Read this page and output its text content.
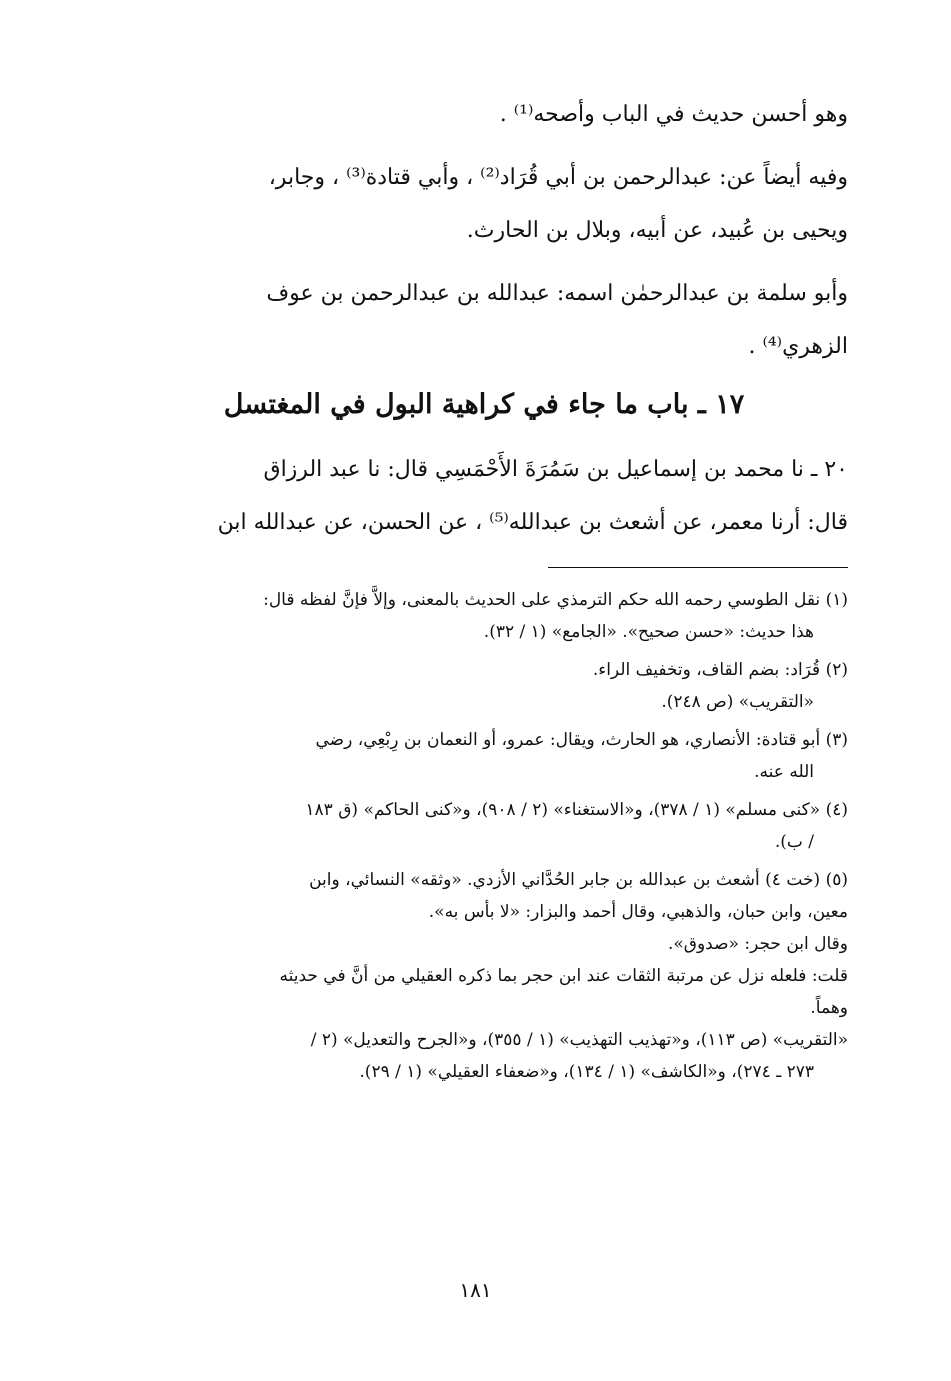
وهو أحسن حديث في الباب وأصحه⁽¹⁾ .

وفيه أيضاً عن: عبدالرحمن بن أبي قُرَاد⁽²⁾ ، وأبي قتادة⁽³⁾ ، وجابر،

ويحيى بن عُبيد، عن أبيه، وبلال بن الحارث.

وأبو سلمة بن عبدالرحمٰن اسمه: عبدالله بن عبدالرحمن بن عوف

الزهري⁽⁴⁾ .

١٧ ـ باب ما جاء في كراهية البول في المغتسل

٢٠ ـ نا محمد بن إسماعيل بن سَمُرَةَ الأَحْمَسِي قال: نا عبد الرزاق

قال: أرنا معمر، عن أشعث بن عبدالله⁽⁵⁾ ، عن الحسن، عن عبدالله ابن

(١) نقل الطوسي رحمه الله حكم الترمذي على الحديث بالمعنى، وإلاَّ فإنَّ لفظه قال:
هذا حديث: «حسن صحيح». «الجامع» (١ / ٣٢).
(٢) قُرَاد: بضم القاف، وتخفيف الراء.
«التقريب» (ص ٢٤٨).
(٣) أبو قتادة: الأنصاري، هو الحارث، ويقال: عمرو، أو النعمان بن رِبْعِي، رضي
الله عنه.
(٤) «كنى مسلم» (١ / ٣٧٨)، و«الاستغناء» (٢ / ٩٠٨)، و«كنى الحاكم» (ق ١٨٣
/ ب).
(٥) (خت ٤) أشعث بن عبدالله بن جابر الحُدَّاني الأزدي. «وثقه» النسائي، وابن
معين، وابن حبان، والذهبي، وقال أحمد والبزار: «لا بأس به».
وقال ابن حجر: «صدوق».
قلت: فلعله نزل عن مرتبة الثقات عند ابن حجر بما ذكره العقيلي من أنَّ في حديثه
وهماً.
«التقريب» (ص ١١٣)، و«تهذيب التهذيب» (١ / ٣٥٥)، و«الجرح والتعديل» (٢ /
٢٧٣ ـ ٢٧٤)، و«الكاشف» (١ / ١٣٤)، و«ضعفاء العقيلي» (١ / ٢٩).
١٨١
